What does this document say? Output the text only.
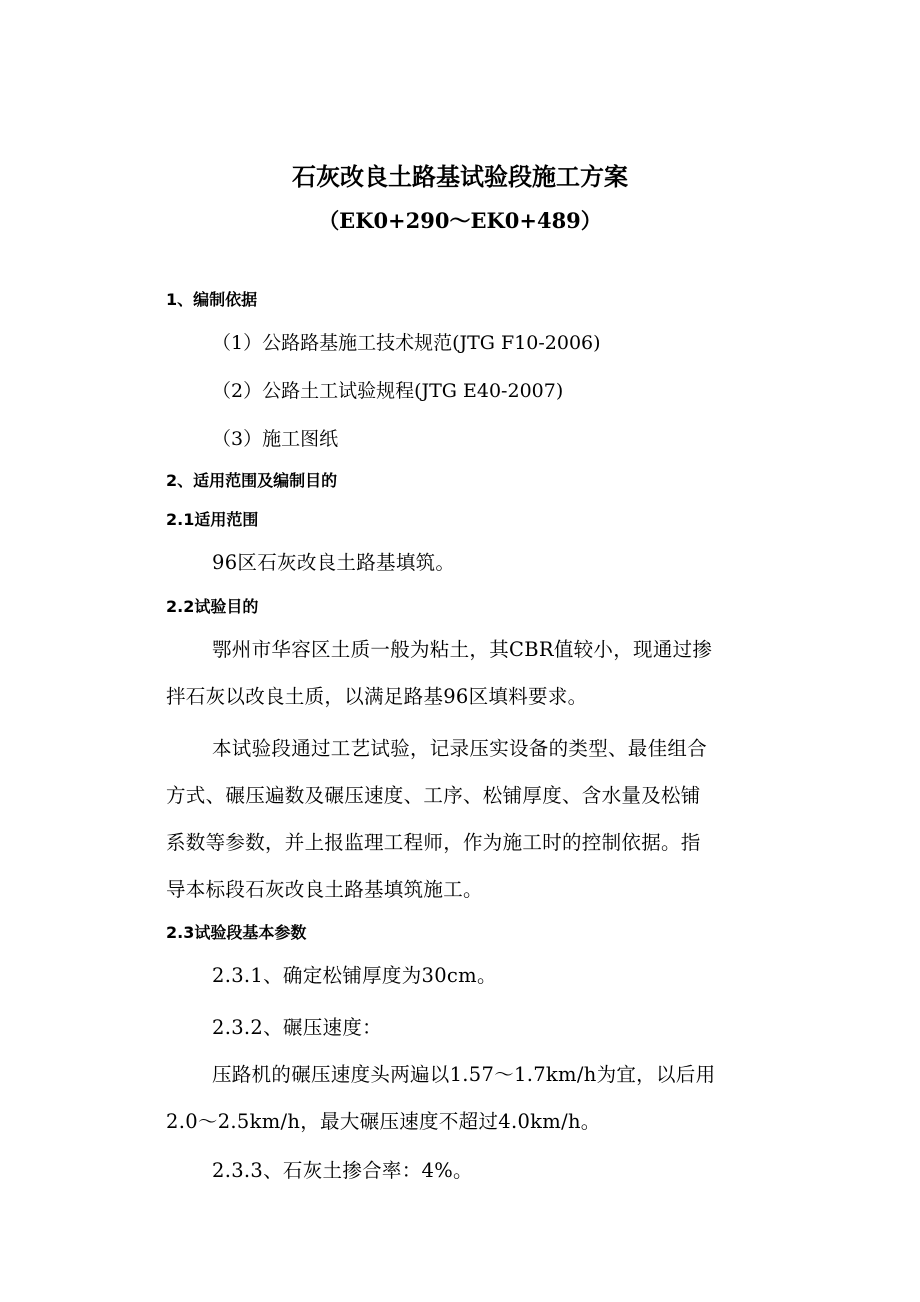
石灰改良土路基试验段施工方案
（EK0+290～EK0+489）
1、编制依据
（1）公路路基施工技术规范(JTG F10-2006)
（2）公路土工试验规程(JTG E40-2007)
（3）施工图纸
2、适用范围及编制目的
2.1适用范围
96区石灰改良土路基填筑。
2.2试验目的
鄂州市华容区土质一般为粘土，其CBR值较小，现通过掺
拌石灰以改良土质，以满足路基96区填料要求。
本试验段通过工艺试验，记录压实设备的类型、最佳组合
方式、碾压遍数及碾压速度、工序、松铺厚度、含水量及松铺
系数等参数，并上报监理工程师，作为施工时的控制依据。指
导本标段石灰改良土路基填筑施工。
2.3试验段基本参数
2.3.1、确定松铺厚度为30cm。
2.3.2、碾压速度：
压路机的碾压速度头两遍以1.57～1.7km/h为宜，以后用
2.0～2.5km/h，最大碾压速度不超过4.0km/h。
2.3.3、石灰土掺合率：4%。
